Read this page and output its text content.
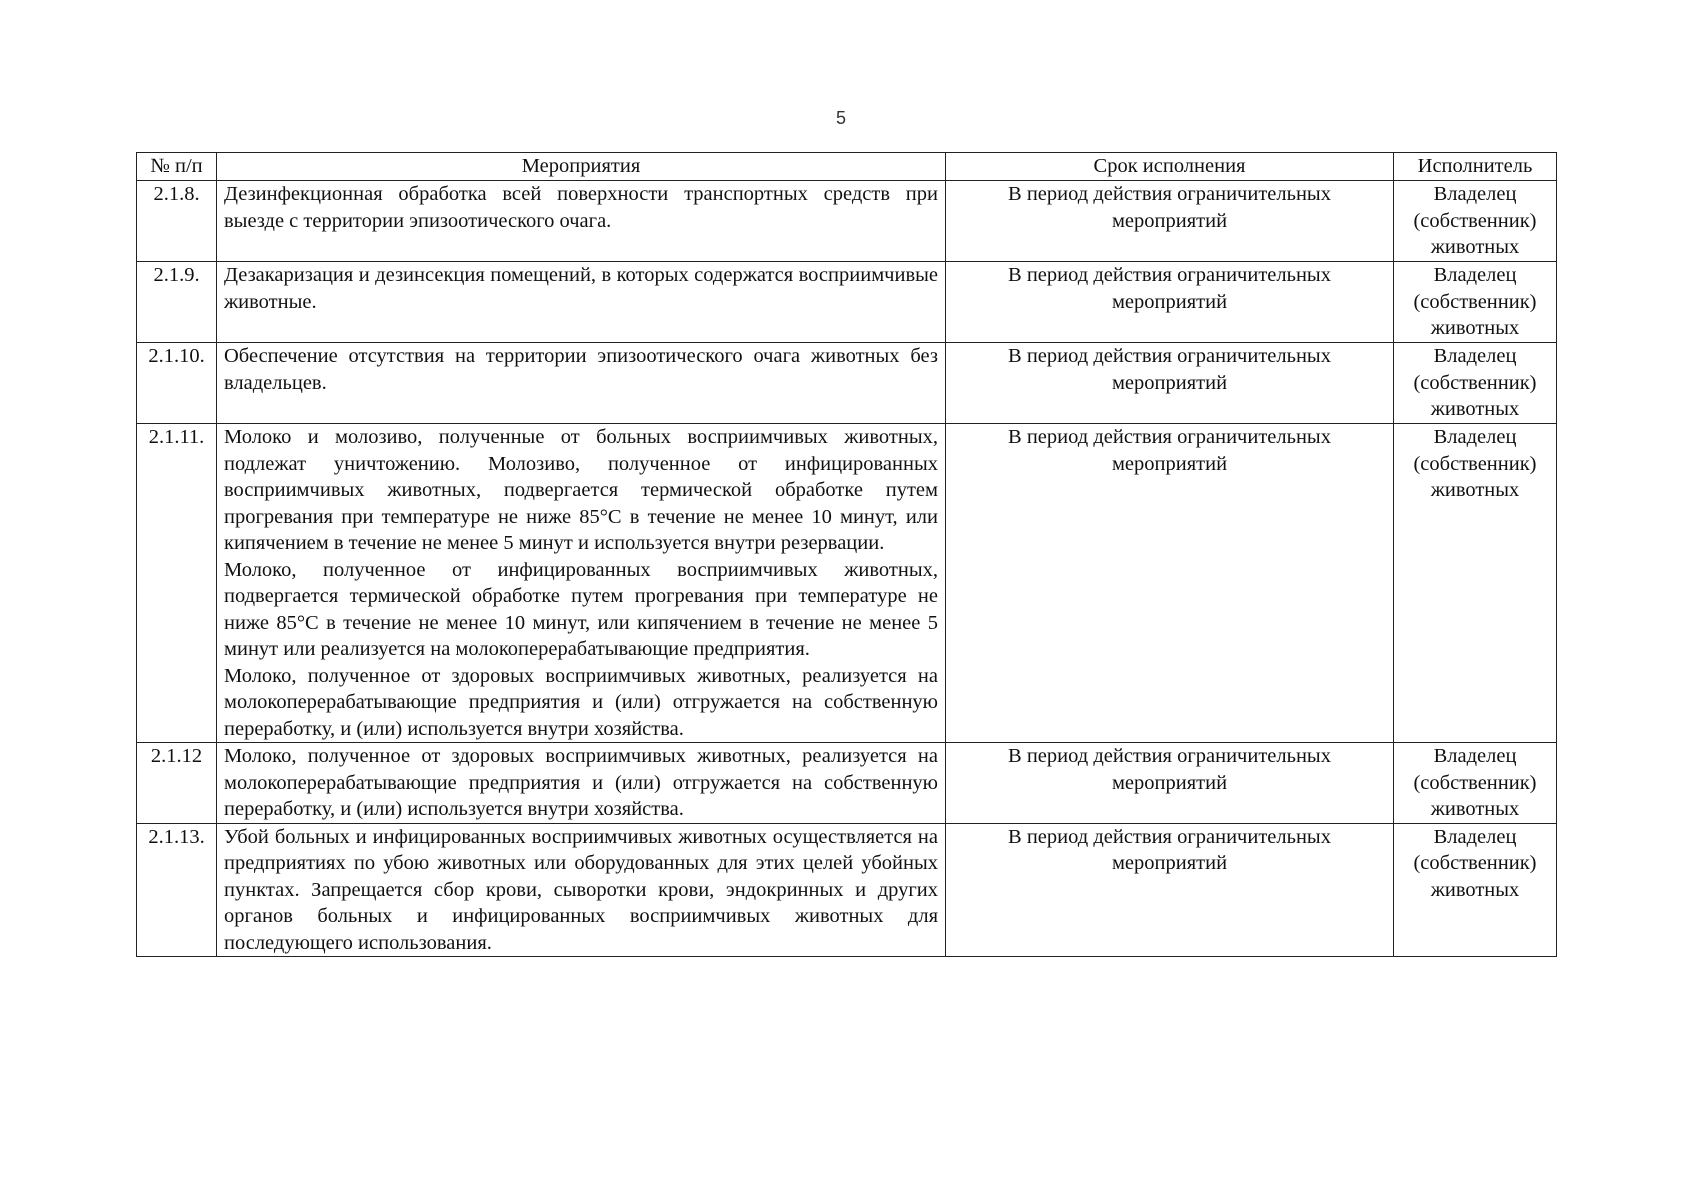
5
№ п/п	Мероприятия	Срок исполнения	Исполнитель
2.1.8.	Дезинфекционная обработка всей поверхности транспортных средств при выезде с территории эпизоотического очага.	В период действия ограничительных мероприятий	Владелец (собственник) животных

2.1.9.	Дезакаризация и дезинсекция помещений, в которых содержатся восприимчивые животные.	В период действия ограничительных мероприятий	Владелец (собственник) животных

2.1.10.	Обеспечение отсутствия на территории эпизоотического очага животных без владельцев.	В период действия ограничительных мероприятий	Владелец (собственник) животных

2.1.11.	Молоко и молозиво, полученные от больных восприимчивых животных, подлежат уничтожению. Молозиво, полученное от инфицированных восприимчивых животных, подвергается термической обработке путем прогревания при температуре не ниже 85°С в течение не менее 10 минут, или кипячением в течение не менее 5 минут и используется внутри резервации.
Молоко, полученное от инфицированных восприимчивых животных, подвергается термической обработке путем прогревания при температуре не ниже 85°С в течение не менее 10 минут, или кипячением в течение не менее 5 минут или реализуется на молокоперерабатывающие предприятия.
Молоко, полученное от здоровых восприимчивых животных, реализуется на молокоперерабатывающие предприятия и (или) отгружается на собственную переработку, и (или) используется внутри хозяйства.	В период действия ограничительных мероприятий	Владелец (собственник) животных
2.1.12	Молоко, полученное от здоровых восприимчивых животных, реализуется на молокоперерабатывающие предприятия и (или) отгружается на собственную переработку, и (или) используется внутри хозяйства.	В период действия ограничительных мероприятий	Владелец (собственник) животных
2.1.13.	Убой больных и инфицированных восприимчивых животных осуществляется на предприятиях по убою животных или оборудованных для этих целей убойных пунктах. Запрещается сбор крови, сыворотки крови, эндокринных и других органов больных и инфицированных восприимчивых животных для последующего использования.	В период действия ограничительных мероприятий	Владелец (собственник) животных
